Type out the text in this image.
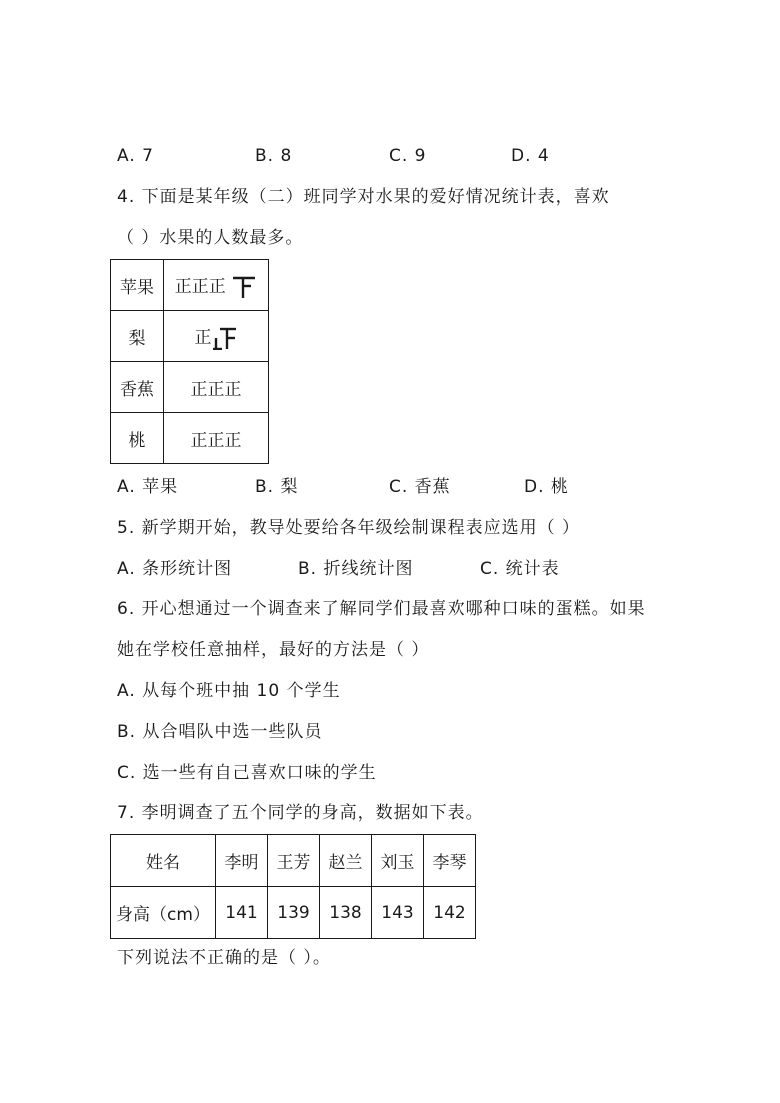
A. 7	B. 8	C. 9	D. 4
4. 下面是某年级（二）班同学对水果的爱好情况统计表，喜欢
（ ）水果的人数最多。
苹果	正正正
梨	正
香蕉	正正正
桃	正正正
A. 苹果	B. 梨	C. 香蕉	D. 桃
5. 新学期开始，教导处要给各年级绘制课程表应选用（ ）
A. 条形统计图	B. 折线统计图	C. 统计表
6. 开心想通过一个调查来了解同学们最喜欢哪种口味的蛋糕。如果
她在学校任意抽样，最好的方法是（ ）
A. 从每个班中抽 10 个学生
B. 从合唱队中选一些队员
C. 选一些有自己喜欢口味的学生
7. 李明调查了五个同学的身高，数据如下表。
姓名	李明	王芳	赵兰	刘玉	李琴
身高（cm）	141	139	138	143	142
下列说法不正确的是（ ）。
